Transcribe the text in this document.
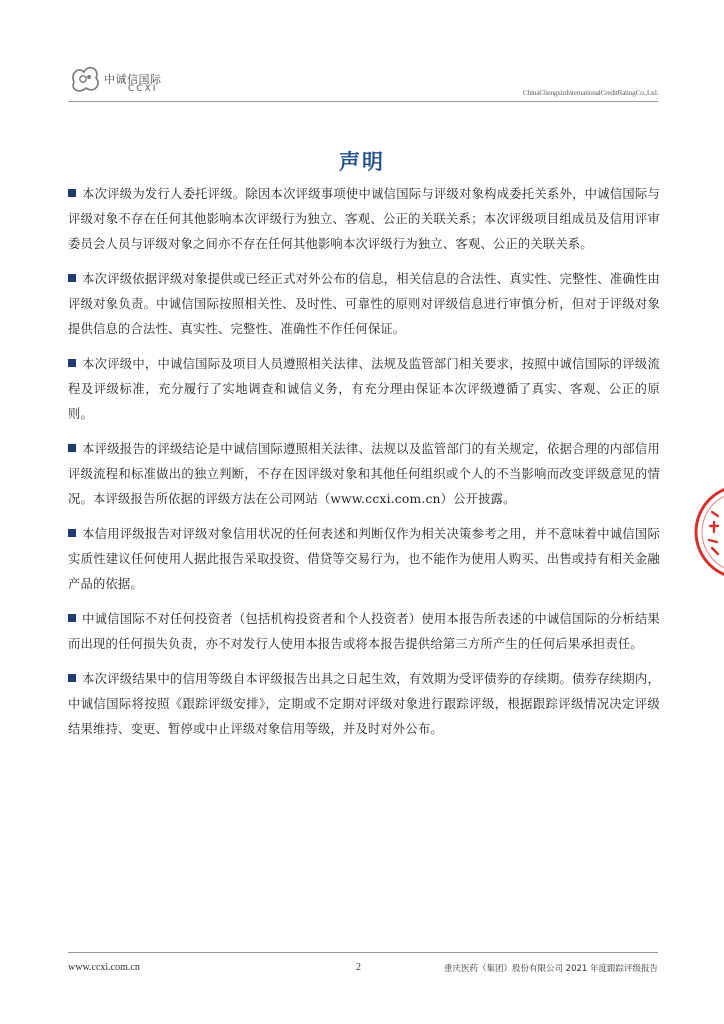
中诚信国际
CCXI	ChinaChengxinInternationalCreditRatingCo.,Ltd.
声明

本次评级为发行人委托评级。除因本次评级事项使中诚信国际与评级对象构成委托关系外，中诚信国际与评级对象不存在任何其他影响本次评级行为独立、客观、公正的关联关系；本次评级项目组成员及信用评审委员会人员与评级对象之间亦不存在任何其他影响本次评级行为独立、客观、公正的关联关系。

本次评级依据评级对象提供或已经正式对外公布的信息，相关信息的合法性、真实性、完整性、准确性由评级对象负责。中诚信国际按照相关性、及时性、可靠性的原则对评级信息进行审慎分析，但对于评级对象提供信息的合法性、真实性、完整性、准确性不作任何保证。

本次评级中，中诚信国际及项目人员遵照相关法律、法规及监管部门相关要求，按照中诚信国际的评级流程及评级标准，充分履行了实地调查和诚信义务，有充分理由保证本次评级遵循了真实、客观、公正的原则。

本评级报告的评级结论是中诚信国际遵照相关法律、法规以及监管部门的有关规定，依据合理的内部信用评级流程和标准做出的独立判断，不存在因评级对象和其他任何组织或个人的不当影响而改变评级意见的情况。本评级报告所依据的评级方法在公司网站（www.ccxi.com.cn）公开披露。

本信用评级报告对评级对象信用状况的任何表述和判断仅作为相关决策参考之用，并不意味着中诚信国际实质性建议任何使用人据此报告采取投资、借贷等交易行为，也不能作为使用人购买、出售或持有相关金融产品的依据。

中诚信国际不对任何投资者（包括机构投资者和个人投资者）使用本报告所表述的中诚信国际的分析结果而出现的任何损失负责，亦不对发行人使用本报告或将本报告提供给第三方所产生的任何后果承担责任。

本次评级结果中的信用等级自本评级报告出具之日起生效，有效期为受评债券的存续期。债券存续期内，中诚信国际将按照《跟踪评级安排》，定期或不定期对评级对象进行跟踪评级，根据跟踪评级情况决定评级结果维持、变更、暂停或中止评级对象信用等级，并及时对外公布。

www.ccxi.com.cn	2	重庆医药（集团）股份有限公司 2021 年度跟踪评级报告
